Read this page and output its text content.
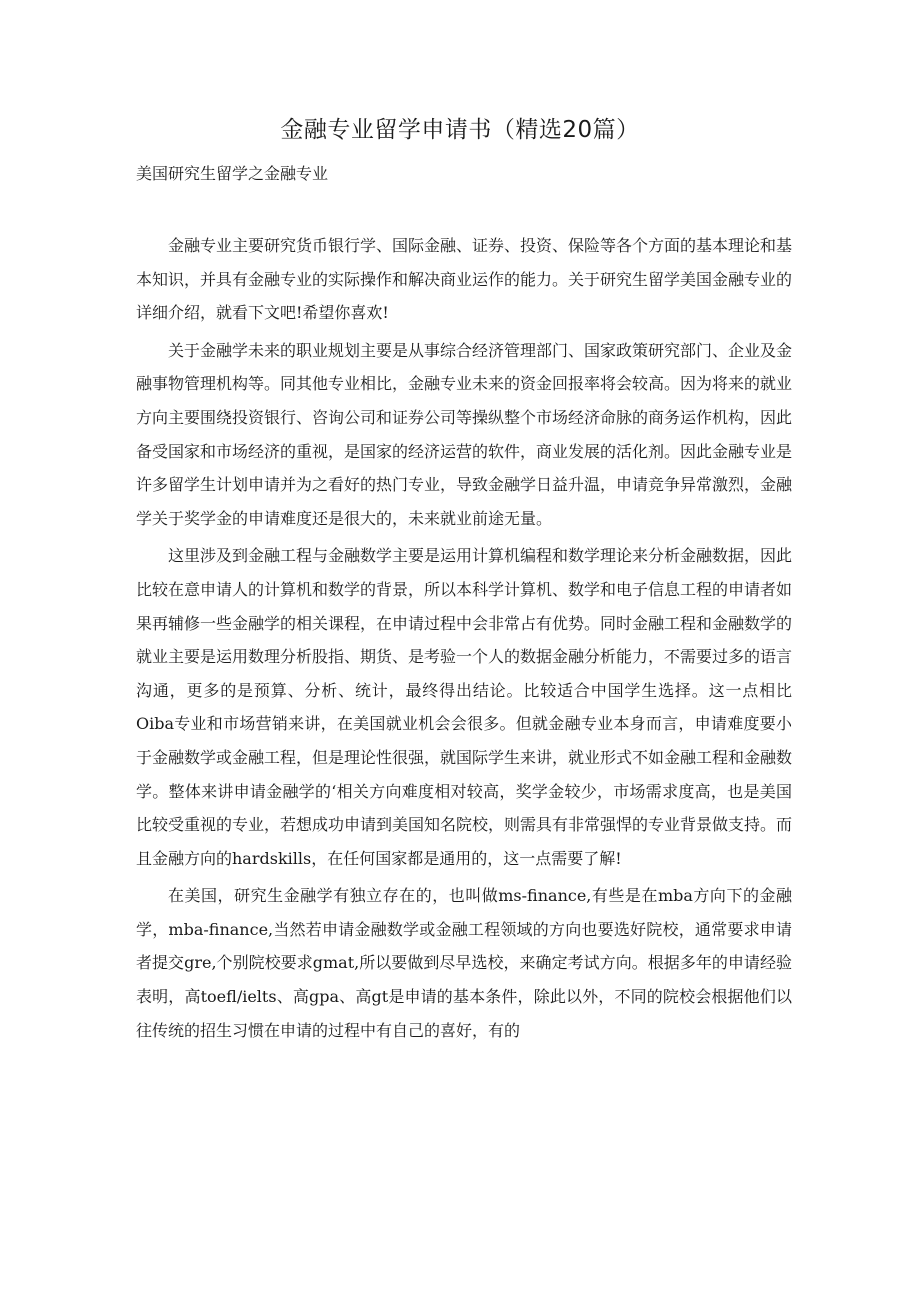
金融专业留学申请书（精选20篇）

美国研究生留学之金融专业

金融专业主要研究货币银行学、国际金融、证券、投资、保险等各个方面的基本理论和基本知识，并具有金融专业的实际操作和解决商业运作的能力。关于研究生留学美国金融专业的详细介绍，就看下文吧!希望你喜欢!

关于金融学未来的职业规划主要是从事综合经济管理部门、国家政策研究部门、企业及金融事物管理机构等。同其他专业相比，金融专业未来的资金回报率将会较高。因为将来的就业方向主要围绕投资银行、咨询公司和证券公司等操纵整个市场经济命脉的商务运作机构，因此备受国家和市场经济的重视，是国家的经济运营的软件，商业发展的活化剂。因此金融专业是许多留学生计划申请并为之看好的热门专业，导致金融学日益升温，申请竞争异常激烈，金融学关于奖学金的申请难度还是很大的，未来就业前途无量。

这里涉及到金融工程与金融数学主要是运用计算机编程和数学理论来分析金融数据，因此比较在意申请人的计算机和数学的背景，所以本科学计算机、数学和电子信息工程的申请者如果再辅修一些金融学的相关课程，在申请过程中会非常占有优势。同时金融工程和金融数学的就业主要是运用数理分析股指、期货、是考验一个人的数据金融分析能力，不需要过多的语言沟通，更多的是预算、分析、统计，最终得出结论。比较适合中国学生选择。这一点相比Oiba专业和市场营销来讲，在美国就业机会会很多。但就金融专业本身而言，申请难度要小于金融数学或金融工程，但是理论性很强，就国际学生来讲，就业形式不如金融工程和金融数学。整体来讲申请金融学的‘相关方向难度相对较高，奖学金较少，市场需求度高，也是美国比较受重视的专业，若想成功申请到美国知名院校，则需具有非常强悍的专业背景做支持。而且金融方向的hardskills，在任何国家都是通用的，这一点需要了解!

在美国，研究生金融学有独立存在的，也叫做ms-finance,有些是在mba方向下的金融学，mba-finance,当然若申请金融数学或金融工程领域的方向也要选好院校，通常要求申请者提交gre,个别院校要求gmat,所以要做到尽早选校，来确定考试方向。根据多年的申请经验表明，高toefl/ielts、高gpa、高gt是申请的基本条件，除此以外，不同的院校会根据他们以往传统的招生习惯在申请的过程中有自己的喜好，有的
